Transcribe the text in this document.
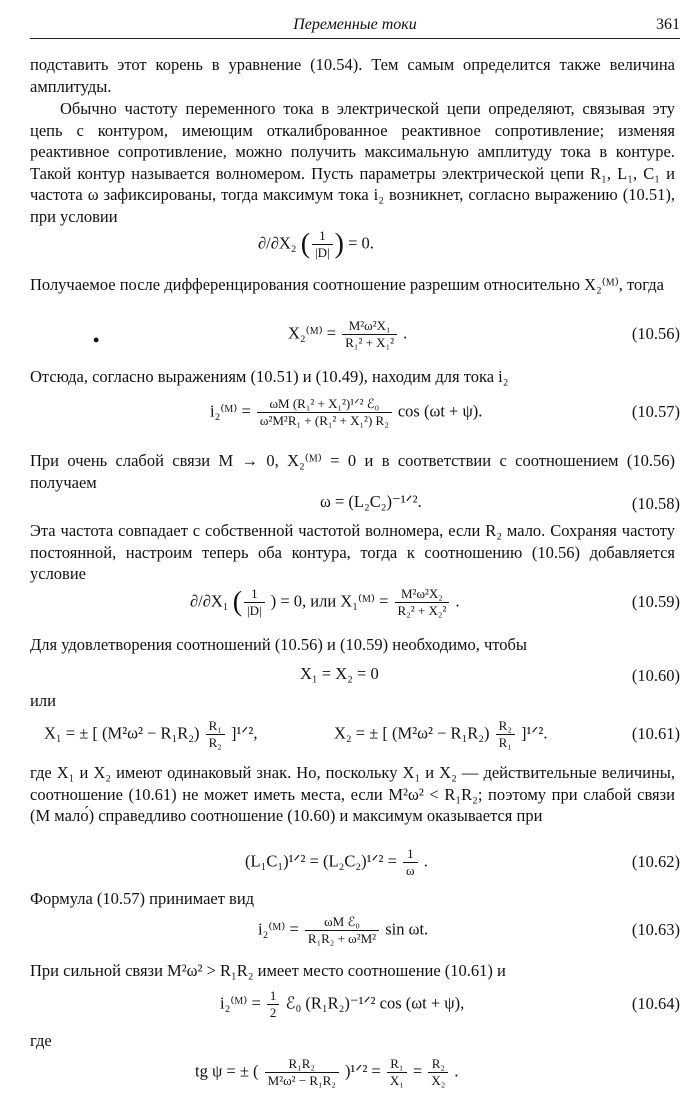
Переменные токи	361

подставить этот корень в уравнение (10.54). Тем самым определится также величина амплитуды.

Обычно частоту переменного тока в электрической цепи определяют, связывая эту цепь с контуром, имеющим откалиброванное реактивное сопротивление; изменяя реактивное сопротивление, можно получить максимальную амплитуду тока в контуре. Такой контур называется волномером. Пусть параметры электрической цепи R₁, L₁, C₁ и частота ω зафиксированы, тогда максимум тока i₂ возникнет, согласно выражению (10.51), при условии

∂/∂X₂ ( $\frac{1}{|D|}$ ) = 0.

Получаемое после дифференцирования соотношение разрешим относительно X₂⁽ᴹ⁾, тогда

•	X₂⁽ᴹ⁾ = $\frac{\text{M²ω²X₁}}{\text{R₁² + X₁²}}$ .	(10.56)

Отсюда, согласно выражениям (10.51) и (10.49), находим для тока i₂

i₂⁽ᴹ⁾ = $\frac{\text{ωM (R₁² + X₁²)¹ᐟ² ℰ₀}}{\text{ω²M²R₁ + (R₁² + X₁²) R₂}}$ cos (ωt + ψ).	(10.57)

При очень слабой связи M → 0, X₂⁽ᴹ⁾ = 0 и в соответствии с соотношением (10.56) получаем

ω = (L₂C₂)⁻¹ᐟ².	(10.58)

Эта частота совпадает с собственной частотой волномера, если R₂ мало. Сохраняя частоту постоянной, настроим теперь оба контура, тогда к соотношению (10.56) добавляется условие

∂/∂X₁ ( $\frac{1}{|D|}$ ) = 0, или X₁⁽ᴹ⁾ = $\frac{\text{M²ω²X₂}}{\text{R₂² + X₂²}}$ .	(10.59)

Для удовлетворения соотношений (10.56) и (10.59) необходимо, чтобы

X₁ = X₂ = 0	(10.60)

или

X₁ = ± [ $(M^2\omega^2 - R_1R_2) \frac{\text{R₁}}{\text{R₂}}$ ]¹ᐟ²,	X₂ = ± [ $(M^2\omega^2 - R_1R_2) \frac{\text{R₂}}{\text{R₁}}$ ]¹ᐟ².	(10.61)

где X₁ и X₂ имеют одинаковый знак. Но, поскольку X₁ и X₂ — действительные величины, соотношение (10.61) не может иметь места, если M²ω² < R₁R₂; поэтому при слабой связи (M мало́) справедливо соотношение (10.60) и максимум оказывается при

(L₁C₁)¹ᐟ² = (L₂C₂)¹ᐟ² = $\frac{1}{\omega}$ .	(10.62)

Формула (10.57) принимает вид

i₂⁽ᴹ⁾ = $\frac{\text{ωM ℰ₀}}{\text{R₁R₂ + ω²M²}}$ sin ωt.	(10.63)

При сильной связи M²ω² > R₁R₂ имеет место соотношение (10.61) и

i₂⁽ᴹ⁾ = $\frac{1}{2}$ ℰ₀ (R₁R₂)⁻¹ᐟ² cos (ωt + ψ),	(10.64)

где

tg ψ = ± ( $\frac{\text{R₁R₂}}{\text{M²ω² − R₁R₂}}$ )¹ᐟ² = $\frac{\text{R₁}}{\text{X₁}} = \frac{\text{R₂}}{\text{X₂}}$ .
